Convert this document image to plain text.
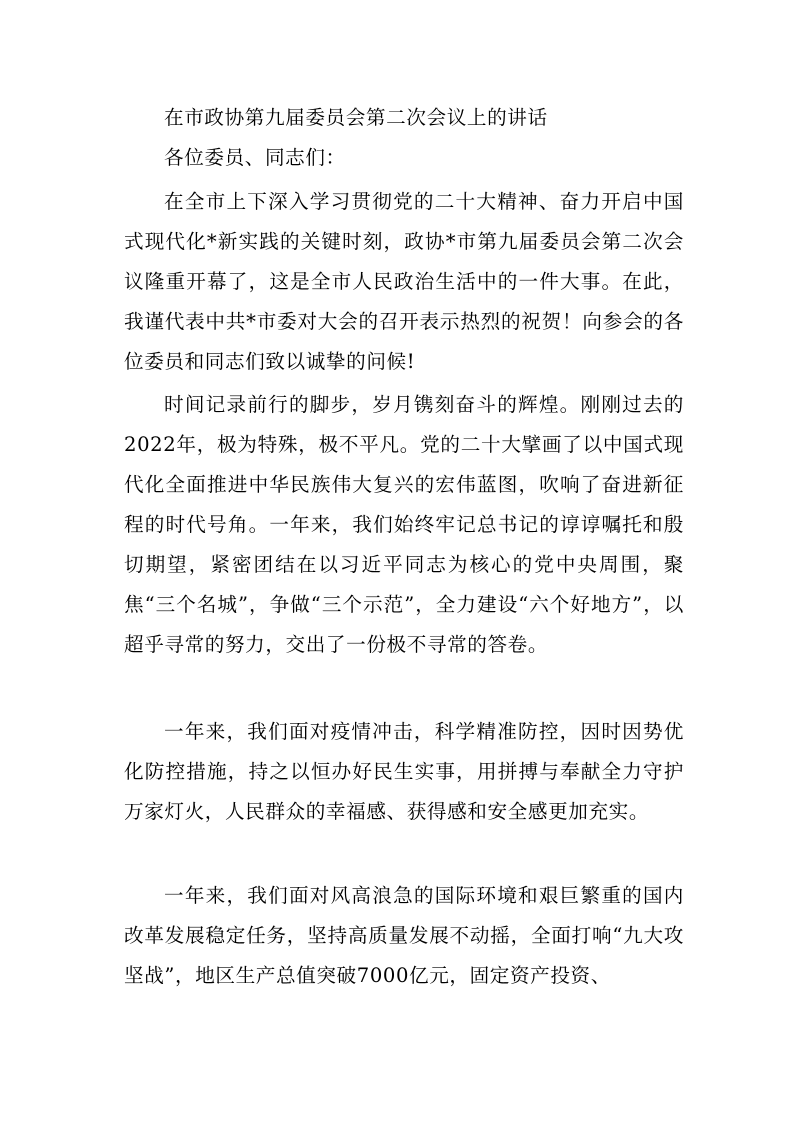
在市政协第九届委员会第二次会议上的讲话
各位委员、同志们：

在全市上下深入学习贯彻党的二十大精神、奋力开启中国式现代化*新实践的关键时刻，政协*市第九届委员会第二次会议隆重开幕了，这是全市人民政治生活中的一件大事。在此，我谨代表中共*市委对大会的召开表示热烈的祝贺！向参会的各位委员和同志们致以诚挚的问候!

时间记录前行的脚步，岁月镌刻奋斗的辉煌。刚刚过去的2022年，极为特殊，极不平凡。党的二十大擘画了以中国式现代化全面推进中华民族伟大复兴的宏伟蓝图，吹响了奋进新征程的时代号角。一年来，我们始终牢记总书记的谆谆嘱托和殷切期望，紧密团结在以习近平同志为核心的党中央周围，聚焦“三个名城”，争做“三个示范”，全力建设“六个好地方”，以超乎寻常的努力，交出了一份极不寻常的答卷。

一年来，我们面对疫情冲击，科学精准防控，因时因势优化防控措施，持之以恒办好民生实事，用拼搏与奉献全力守护万家灯火，人民群众的幸福感、获得感和安全感更加充实。

一年来，我们面对风高浪急的国际环境和艰巨繁重的国内改革发展稳定任务，坚持高质量发展不动摇，全面打响“九大攻坚战”，地区生产总值突破7000亿元，固定资产投资、
